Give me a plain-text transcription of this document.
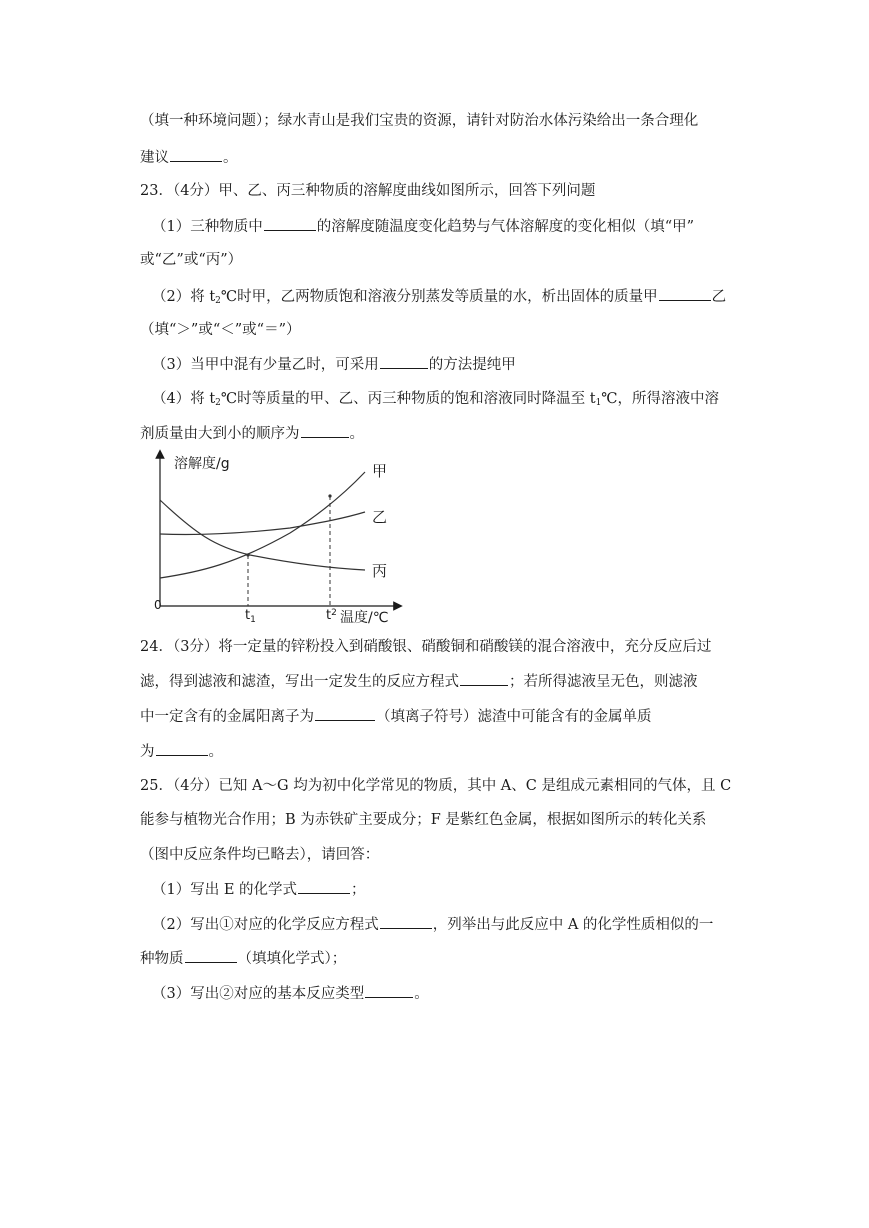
（填一种环境问题）；绿水青山是我们宝贵的资源，请针对防治水体污染给出一条合理化
建议	。
23．（4分）甲、乙、丙三种物质的溶解度曲线如图所示，回答下列问题
（1）三种物质中	的溶解度随温度变化趋势与气体溶解度的变化相似（填“甲”
或“乙”或“丙”）
（2）将 $t_2℃$时甲，乙两物质饱和溶液分别蒸发等质量的水，析出固体的质量甲	乙
（填“＞”或“＜”或“＝”）
（3）当甲中混有少量乙时，可采用	的方法提纯甲
（4）将 $t_2℃$时等质量的甲、乙、丙三种物质的饱和溶液同时降温至 $t_1℃$，所得溶液中溶
剂质量由大到小的顺序为	。
溶解度/g
温度/℃
0
$t_1$	$t^2$
甲
乙
丙
24．（3分）将一定量的锌粉投入到硝酸银、硝酸铜和硝酸镁的混合溶液中，充分反应后过
滤，得到滤液和滤渣，写出一定发生的反应方程式	；若所得滤液呈无色，则滤液
中一定含有的金属阳离子为	（填离子符号）滤渣中可能含有的金属单质
为	。
25．（4分）已知 A～G 均为初中化学常见的物质，其中 A、C 是组成元素相同的气体，且 C
能参与植物光合作用；B 为赤铁矿主要成分；F 是紫红色金属，根据如图所示的转化关系
（图中反应条件均已略去），请回答：
（1）写出 E 的化学式	；
（2）写出①对应的化学反应方程式	，列举出与此反应中 A 的化学性质相似的一
种物质	（填填化学式）；
（3）写出②对应的基本反应类型	。
